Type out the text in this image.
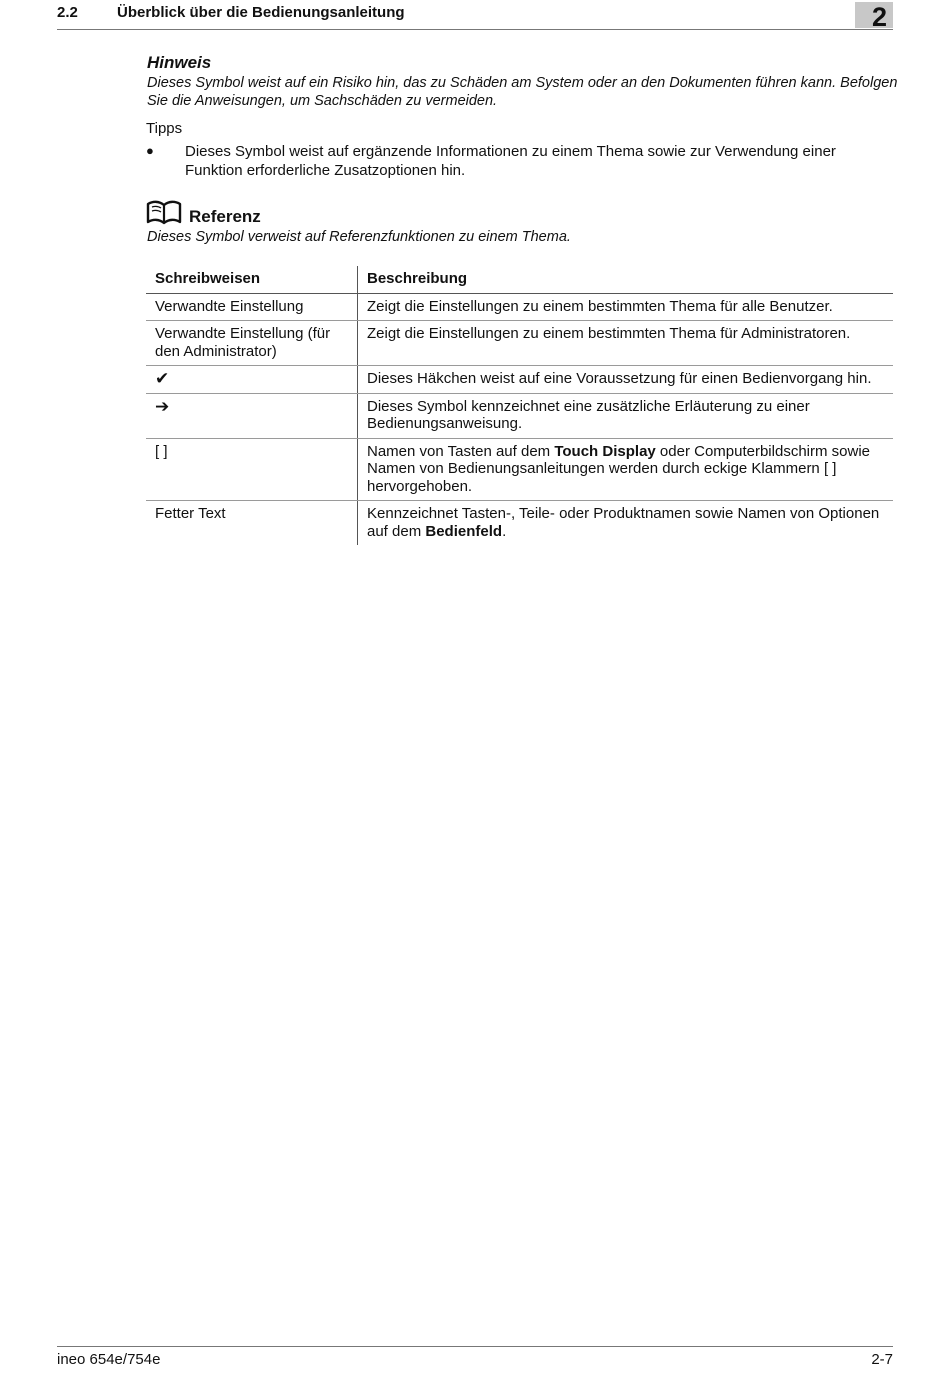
2.2	Überblick über die Bedienungsanleitung	2
Hinweis
Dieses Symbol weist auf ein Risiko hin, das zu Schäden am System oder an den Dokumenten führen kann. Befolgen Sie die Anweisungen, um Sachschäden zu vermeiden.
Tipps
● Dieses Symbol weist auf ergänzende Informationen zu einem Thema sowie zur Verwendung einer Funktion erforderliche Zusatzoptionen hin.
Referenz
Dieses Symbol verweist auf Referenzfunktionen zu einem Thema.
Schreibweisen	Beschreibung
Verwandte Einstellung	Zeigt die Einstellungen zu einem bestimmten Thema für alle Benutzer.
Verwandte Einstellung (für den Administrator)	Zeigt die Einstellungen zu einem bestimmten Thema für Administratoren.
✔	Dieses Häkchen weist auf eine Voraussetzung für einen Bedienvorgang hin.
➔	Dieses Symbol kennzeichnet eine zusätzliche Erläuterung zu einer Bedienungsanweisung.
[ ]	Namen von Tasten auf dem Touch Display oder Computerbildschirm sowie Namen von Bedienungsanleitungen werden durch eckige Klammern [ ] hervorgehoben.
Fetter Text	Kennzeichnet Tasten-, Teile- oder Produktnamen sowie Namen von Optionen auf dem Bedienfeld.
ineo 654e/754e	2-7
